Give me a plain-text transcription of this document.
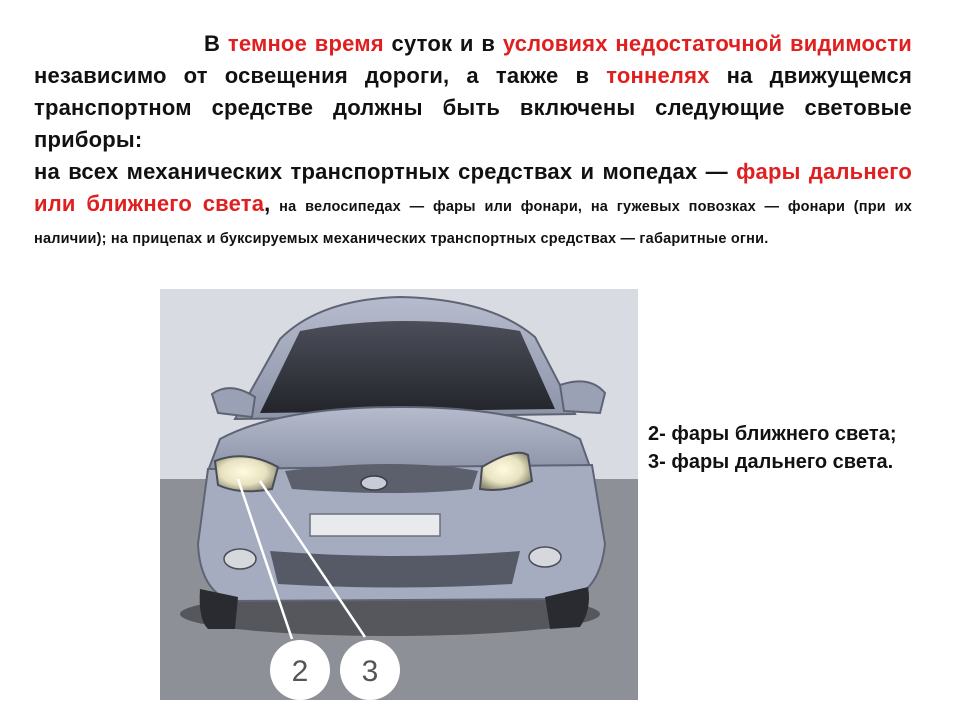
В темное время суток и в условиях недостаточной видимости независимо от освещения дороги, а также в тоннелях на движущемся транспортном средстве должны быть включены следующие световые приборы:

на всех механических транспортных средствах и мопедах — фары дальнего или ближнего света, на велосипедах — фары или фонари, на гужевых повозках — фонари (при их наличии); на прицепах и буксируемых механических транспортных средствах — габаритные огни.

2 3

2- фары ближнего света;

3- фары дальнего света.
